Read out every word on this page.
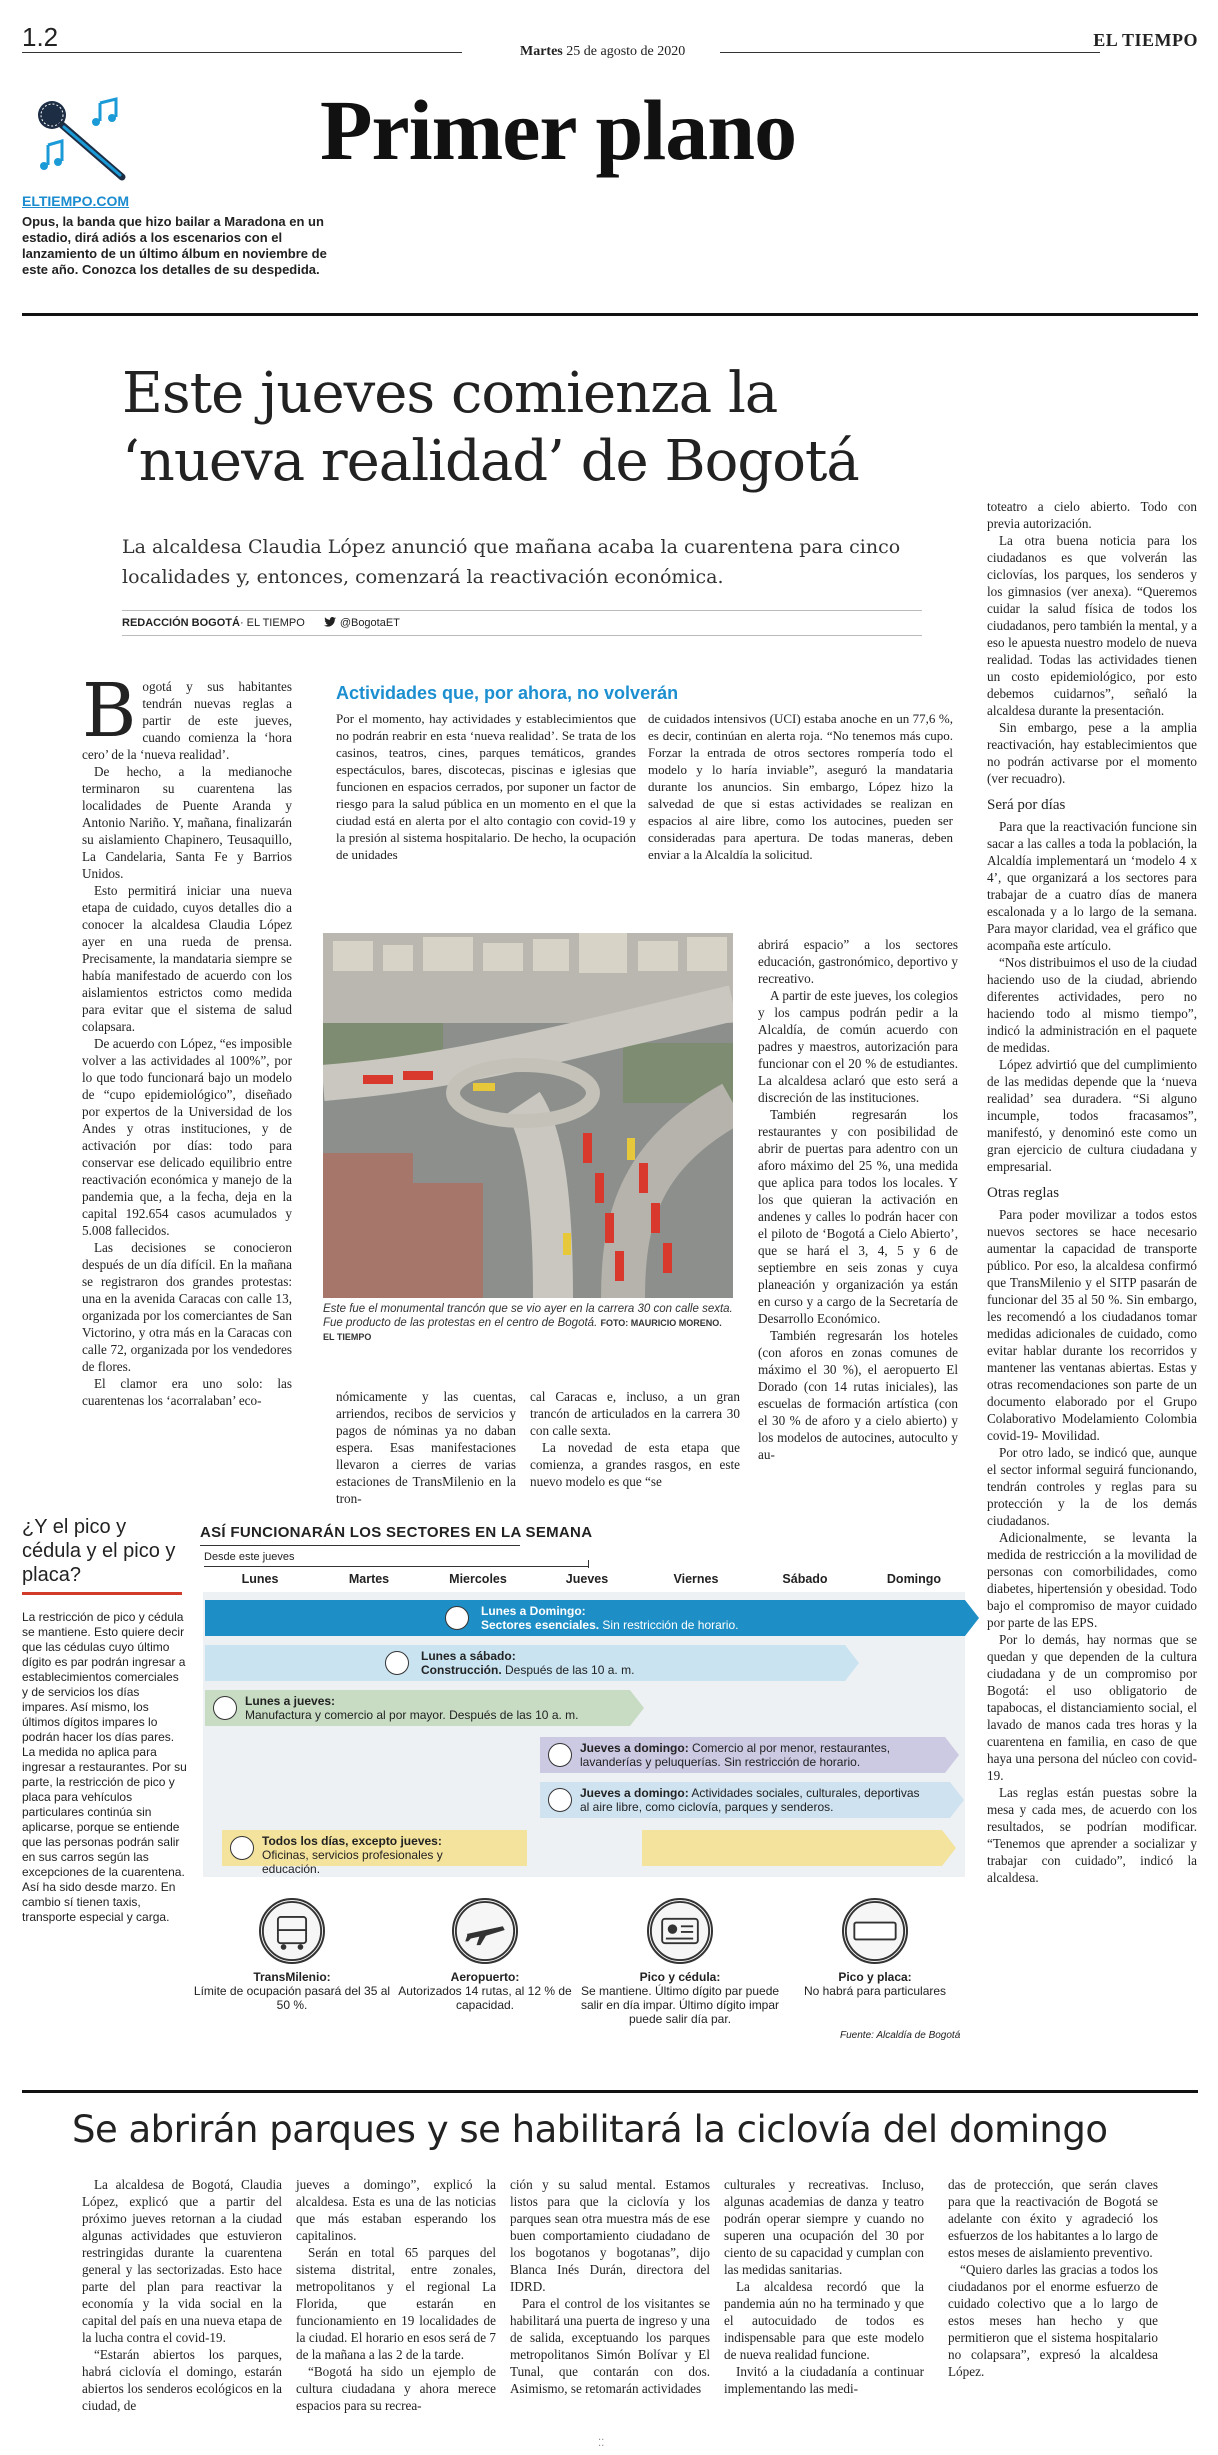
1.2	Martes 25 de agosto de 2020
EL TIEMPO
ELTIEMPO.COM
Opus, la banda que hizo bailar a Maradona en un estadio, dirá adiós a los escenarios con el lanzamiento de un último álbum en noviembre de este año. Conozca los detalles de su despedida.
Primer plano
Este jueves comienza la
‘nueva realidad’ de Bogotá
La alcaldesa Claudia López anunció que mañana acaba la cuarentena para cinco localidades y, entonces, comenzará la reactivación económica.
REDACCIÓN BOGOTÁ· EL TIEMPO	@BogotaET
B ogotá y sus habitantes tendrán nuevas reglas a partir de este jueves, cuando comienza la ‘hora cero’ de la ‘nueva realidad’.

De hecho, a la medianoche terminaron su cuarentena las localidades de Puente Aranda y Antonio Nariño. Y, mañana, finalizarán su aislamiento Chapinero, Teusaquillo, La Candelaria, Santa Fe y Barrios Unidos.

Esto permitirá iniciar una nueva etapa de cuidado, cuyos detalles dio a conocer la alcaldesa Claudia López ayer en una rueda de prensa. Precisamente, la mandataria siempre se había manifestado de acuerdo con los aislamientos estrictos como medida para evitar que el sistema de salud colapsara.

De acuerdo con López, “es imposible volver a las actividades al 100%”, por lo que todo funcionará bajo un modelo de “cupo epidemiológico”, diseñado por expertos de la Universidad de los Andes y otras instituciones, y de activación por días: todo para conservar ese delicado equilibrio entre reactivación económica y manejo de la pandemia que, a la fecha, deja en la capital 192.654 casos acumulados y 5.008 fallecidos.

Las decisiones se conocieron después de un día difícil. En la mañana se registraron dos grandes protestas: una en la avenida Caracas con calle 13, organizada por los comerciantes de San Victorino, y otra más en la Caracas con calle 72, organizada por los vendedores de flores.

El clamor era uno solo: las cuarentenas los ‘acorralaban’ eco-

Actividades que, por ahora, no volverán

Por el momento, hay actividades y establecimientos que no podrán reabrir en esta ‘nueva realidad’. Se trata de los casinos, teatros, cines, parques temáticos, grandes espectáculos, bares, discotecas, piscinas e iglesias que funcionen en espacios cerrados, por suponer un factor de riesgo para la salud pública en un momento en el que la ciudad está en alerta por el alto contagio con covid-19 y la presión al sistema hospitalario. De hecho, la ocupación de unidades

de cuidados intensivos (UCI) estaba anoche en un 77,6 %, es decir, continúan en alerta roja. “No tenemos más cupo. Forzar la entrada de otros sectores rompería todo el modelo y lo haría inviable”, aseguró la mandataria durante los anuncios. Sin embargo, López hizo la salvedad de que si estas actividades se realizan en espacios al aire libre, como los autocines, pueden ser consideradas para apertura. De todas maneras, deben enviar a la Alcaldía la solicitud.

Este fue el monumental trancón que se vio ayer en la carrera 30 con calle sexta. Fue producto de las protestas en el centro de Bogotá. FOTO: MAURICIO MORENO. EL TIEMPO

nómicamente y las cuentas, arriendos, recibos de servicios y pagos de nóminas ya no daban espera. Esas manifestaciones llevaron a cierres de varias estaciones de TransMilenio en la tron-

cal Caracas e, incluso, a un gran trancón de articulados en la carrera 30 con calle sexta.

La novedad de esta etapa que comienza, a grandes rasgos, en este nuevo modelo es que “se

abrirá espacio” a los sectores educación, gastronómico, deportivo y recreativo.

A partir de este jueves, los colegios y los campus podrán pedir a la Alcaldía, de común acuerdo con padres y maestros, autorización para funcionar con el 20 % de estudiantes. La alcaldesa aclaró que esto será a discreción de las instituciones.

También regresarán los restaurantes y con posibilidad de abrir de puertas para adentro con un aforo máximo del 25 %, una medida que aplica para todos los locales. Y los que quieran la activación en andenes y calles lo podrán hacer con el piloto de ‘Bogotá a Cielo Abierto’, que se hará el 3, 4, 5 y 6 de septiembre en seis zonas y cuya planeación y organización ya están en curso y a cargo de la Secretaría de Desarrollo Económico.

También regresarán los hoteles (con aforos en zonas comunes de máximo el 30 %), el aeropuerto El Dorado (con 14 rutas iniciales), las escuelas de formación artística (con el 30 % de aforo y a cielo abierto) y los modelos de autocines, autoculto y au-

toteatro a cielo abierto. Todo con previa autorización.

La otra buena noticia para los ciudadanos es que volverán las ciclovías, los parques, los senderos y los gimnasios (ver anexa). “Queremos cuidar la salud física de todos los ciudadanos, pero también la mental, y a eso le apuesta nuestro modelo de nueva realidad. Todas las actividades tienen un costo epidemiológico, por esto debemos cuidarnos”, señaló la alcaldesa durante la presentación.

Sin embargo, pese a la amplia reactivación, hay establecimientos que no podrán activarse por el momento (ver recuadro).

Será por días

Para que la reactivación funcione sin sacar a las calles a toda la población, la Alcaldía implementará un ‘modelo 4 x 4’, que organizará a los sectores para trabajar de a cuatro días de manera escalonada y a lo largo de la semana. Para mayor claridad, vea el gráfico que acompaña este artículo.

“Nos distribuimos el uso de la ciudad haciendo uso de la ciudad, abriendo diferentes actividades, pero no haciendo todo al mismo tiempo”, indicó la administración en el paquete de medidas.

López advirtió que del cumplimiento de las medidas depende que la ‘nueva realidad’ sea duradera. “Si alguno incumple, todos fracasamos”, manifestó, y denominó este como un gran ejercicio de cultura ciudadana y empresarial.

Otras reglas

Para poder movilizar a todos estos nuevos sectores se hace necesario aumentar la capacidad de transporte público. Por eso, la alcaldesa confirmó que TransMilenio y el SITP pasarán de funcionar del 35 al 50 %. Sin embargo, les recomendó a los ciudadanos tomar medidas adicionales de cuidado, como evitar hablar durante los recorridos y mantener las ventanas abiertas. Estas y otras recomendaciones son parte de un documento elaborado por el Grupo Colaborativo Modelamiento Colombia covid-19- Movilidad.

Por otro lado, se indicó que, aunque el sector informal seguirá funcionando, tendrán controles y reglas para su protección y la de los demás ciudadanos.

Adicionalmente, se levanta la medida de restricción a la movilidad de personas con comorbilidades, como diabetes, hipertensión y obesidad. Todo bajo el compromiso de mayor cuidado por parte de las EPS.

Por lo demás, hay normas que se quedan y que dependen de la cultura ciudadana y de un compromiso por Bogotá: el uso obligatorio de tapabocas, el distanciamiento social, el lavado de manos cada tres horas y la cuarentena en familia, en caso de que haya una persona del núcleo con covid-19.

Las reglas están puestas sobre la mesa y cada mes, de acuerdo con los resultados, se podrían modificar. “Tenemos que aprender a socializar y trabajar con cuidado”, indicó la alcaldesa.

¿Y el pico y cédula y el pico y placa?
La restricción de pico y cédula se mantiene. Esto quiere decir que las cédulas cuyo último dígito es par podrán ingresar a establecimientos comerciales y de servicios los días impares. Así mismo, los últimos dígitos impares lo podrán hacer los días pares. La medida no aplica para ingresar a restaurantes. Por su parte, la restricción de pico y placa para vehículos particulares continúa sin aplicarse, porque se entiende que las personas podrán salir en sus carros según las excepciones de la cuarentena. Así ha sido desde marzo. En cambio sí tienen taxis, transporte especial y carga.
ASÍ FUNCIONARÁN LOS SECTORES EN LA SEMANA
Desde este jueves
Lunes	Martes	Miercoles	Jueves	Viernes	Sábado	Domingo
Lunes a Domingo:
Sectores esenciales. Sin restricción de horario.
Lunes a sábado:
Construcción. Después de las 10 a. m.
Lunes a jueves:
Manufactura y comercio al por mayor. Después de las 10 a. m.
Jueves a domingo: Comercio al por menor, restaurantes, lavanderías y peluquerías. Sin restricción de horario.
Jueves a domingo: Actividades sociales, culturales, deportivas al aire libre, como ciclovía, parques y senderos.
Todos los días, excepto jueves:
Oficinas, servicios profesionales y educación.
TransMilenio:
Límite de ocupación pasará del 35 al 50 %.
Aeropuerto:
Autorizados 14 rutas, al 12 % de capacidad.
Pico y cédula:
Se mantiene. Último dígito par puede salir en día impar. Último dígito impar puede salir día par.
Pico y placa:
No habrá para particulares
Fuente: Alcaldía de Bogotá
Se abrirán parques y se habilitará la ciclovía del domingo

La alcaldesa de Bogotá, Claudia López, explicó que a partir del próximo jueves retornan a la ciudad algunas actividades que estuvieron restringidas durante la cuarentena general y las sectorizadas. Esto hace parte del plan para reactivar la economía y la vida social en la capital del país en una nueva etapa de la lucha contra el covid-19.

“Estarán abiertos los parques, habrá ciclovía el domingo, estarán abiertos los senderos ecológicos en la ciudad, de

jueves a domingo”, explicó la alcaldesa. Esta es una de las noticias que más estaban esperando los capitalinos.

Serán en total 65 parques del sistema distrital, entre zonales, metropolitanos y el regional La Florida, que estarán en funcionamiento en 19 localidades de la ciudad. El horario en esos será de 7 de la mañana a las 2 de la tarde.

“Bogotá ha sido un ejemplo de cultura ciudadana y ahora merece espacios para su recrea-

ción y su salud mental. Estamos listos para que la ciclovía y los parques sean otra muestra más de ese buen comportamiento ciudadano de los bogotanos y bogotanas”, dijo Blanca Inés Durán, directora del IDRD.

Para el control de los visitantes se habilitará una puerta de ingreso y una de salida, exceptuando los parques metropolitanos Simón Bolívar y El Tunal, que contarán con dos. Asimismo, se retomarán actividades

culturales y recreativas. Incluso, algunas academias de danza y teatro podrán operar siempre y cuando no superen una ocupación del 30 por ciento de su capacidad y cumplan con las medidas sanitarias.

La alcaldesa recordó que la pandemia aún no ha terminado y que el autocuidado de todos es indispensable para que este modelo de nueva realidad funcione.

Invitó a la ciudadanía a continuar implementando las medi-

das de protección, que serán claves para que la reactivación de Bogotá se adelante con éxito y agradeció los esfuerzos de los habitantes a lo largo de estos meses de aislamiento preventivo.

“Quiero darles las gracias a todos los ciudadanos por el enorme esfuerzo de cuidado colectivo que a lo largo de estos meses han hecho y que permitieron que el sistema hospitalario no colapsara”, expresó la alcaldesa López.

⁚⁚
